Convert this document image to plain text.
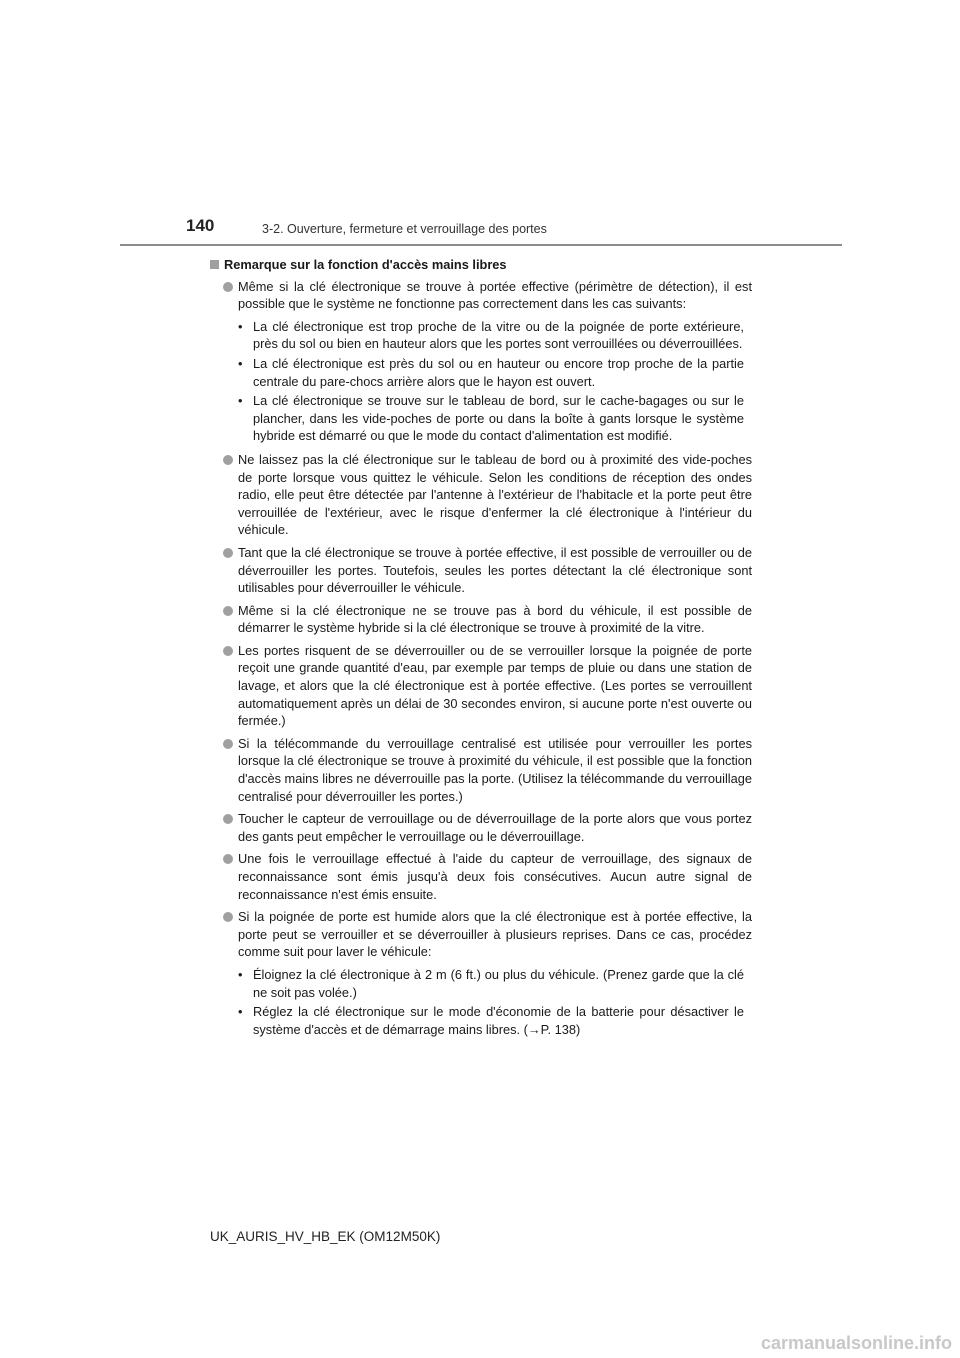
140	3-2. Ouverture, fermeture et verrouillage des portes
Remarque sur la fonction d'accès mains libres
Même si la clé électronique se trouve à portée effective (périmètre de détection), il est possible que le système ne fonctionne pas correctement dans les cas suivants:
• La clé électronique est trop proche de la vitre ou de la poignée de porte extérieure, près du sol ou bien en hauteur alors que les portes sont verrouillées ou déverrouillées.
• La clé électronique est près du sol ou en hauteur ou encore trop proche de la partie centrale du pare-chocs arrière alors que le hayon est ouvert.
• La clé électronique se trouve sur le tableau de bord, sur le cache-bagages ou sur le plancher, dans les vide-poches de porte ou dans la boîte à gants lorsque le système hybride est démarré ou que le mode du contact d'alimentation est modifié.
Ne laissez pas la clé électronique sur le tableau de bord ou à proximité des vide-poches de porte lorsque vous quittez le véhicule. Selon les conditions de réception des ondes radio, elle peut être détectée par l'antenne à l'extérieur de l'habitacle et la porte peut être verrouillée de l'extérieur, avec le risque d'enfermer la clé électronique à l'intérieur du véhicule.
Tant que la clé électronique se trouve à portée effective, il est possible de verrouiller ou de déverrouiller les portes. Toutefois, seules les portes détectant la clé électronique sont utilisables pour déverrouiller le véhicule.
Même si la clé électronique ne se trouve pas à bord du véhicule, il est possible de démarrer le système hybride si la clé électronique se trouve à proximité de la vitre.
Les portes risquent de se déverrouiller ou de se verrouiller lorsque la poignée de porte reçoit une grande quantité d'eau, par exemple par temps de pluie ou dans une station de lavage, et alors que la clé électronique est à portée effective. (Les portes se verrouillent automatiquement après un délai de 30 secondes environ, si aucune porte n'est ouverte ou fermée.)
Si la télécommande du verrouillage centralisé est utilisée pour verrouiller les portes lorsque la clé électronique se trouve à proximité du véhicule, il est possible que la fonction d'accès mains libres ne déverrouille pas la porte. (Utilisez la télécommande du verrouillage centralisé pour déverrouiller les portes.)
Toucher le capteur de verrouillage ou de déverrouillage de la porte alors que vous portez des gants peut empêcher le verrouillage ou le déverrouillage.
Une fois le verrouillage effectué à l'aide du capteur de verrouillage, des signaux de reconnaissance sont émis jusqu'à deux fois consécutives. Aucun autre signal de reconnaissance n'est émis ensuite.
Si la poignée de porte est humide alors que la clé électronique est à portée effective, la porte peut se verrouiller et se déverrouiller à plusieurs reprises. Dans ce cas, procédez comme suit pour laver le véhicule:
• Éloignez la clé électronique à 2 m (6 ft.) ou plus du véhicule. (Prenez garde que la clé ne soit pas volée.)
• Réglez la clé électronique sur le mode d'économie de la batterie pour désactiver le système d'accès et de démarrage mains libres. (→P. 138)
UK_AURIS_HV_HB_EK (OM12M50K)
carmanualsonline.info
